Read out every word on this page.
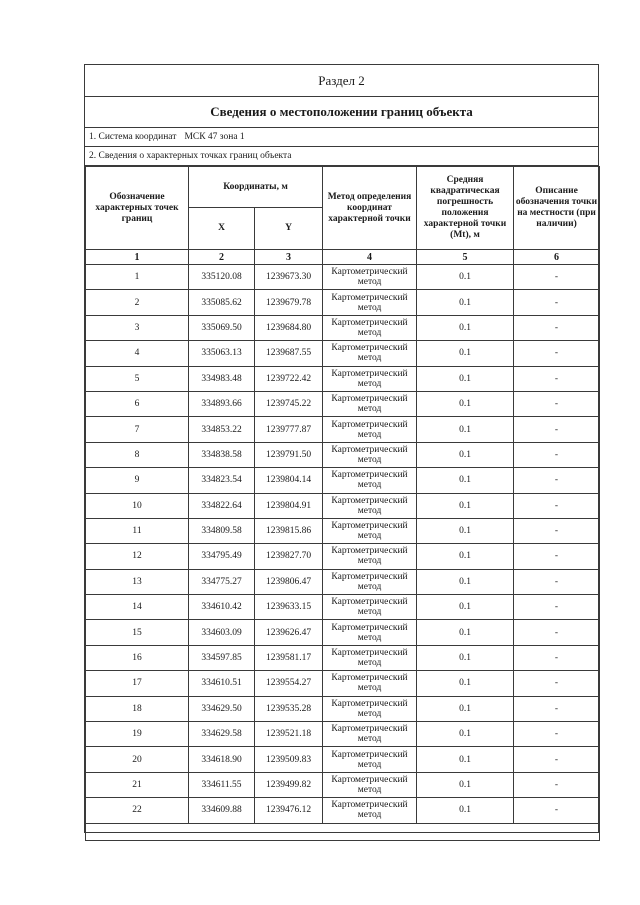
Раздел 2
Сведения о местоположении границ объекта
1. Система координат МСК 47 зона 1
2. Сведения о характерных точках границ объекта
Обозначение характерных точек границ	Координаты, м		Метод определения координат характерной точки	Средняя квадратическая погрешность положения характерной точки (Mt), м	Описание обозначения точки на местности (при наличии)
	X	Y			
1	2	3	4	5	6
1	335120.08	1239673.30	Картометрический метод	0.1	-
2	335085.62	1239679.78	Картометрический метод	0.1	-
3	335069.50	1239684.80	Картометрический метод	0.1	-
4	335063.13	1239687.55	Картометрический метод	0.1	-
5	334983.48	1239722.42	Картометрический метод	0.1	-
6	334893.66	1239745.22	Картометрический метод	0.1	-
7	334853.22	1239777.87	Картометрический метод	0.1	-
8	334838.58	1239791.50	Картометрический метод	0.1	-
9	334823.54	1239804.14	Картометрический метод	0.1	-
10	334822.64	1239804.91	Картометрический метод	0.1	-
11	334809.58	1239815.86	Картометрический метод	0.1	-
12	334795.49	1239827.70	Картометрический метод	0.1	-
13	334775.27	1239806.47	Картометрический метод	0.1	-
14	334610.42	1239633.15	Картометрический метод	0.1	-
15	334603.09	1239626.47	Картометрический метод	0.1	-
16	334597.85	1239581.17	Картометрический метод	0.1	-
17	334610.51	1239554.27	Картометрический метод	0.1	-
18	334629.50	1239535.28	Картометрический метод	0.1	-
19	334629.58	1239521.18	Картометрический метод	0.1	-
20	334618.90	1239509.83	Картометрический метод	0.1	-
21	334611.55	1239499.82	Картометрический метод	0.1	-
22	334609.88	1239476.12	Картометрический метод	0.1	-
